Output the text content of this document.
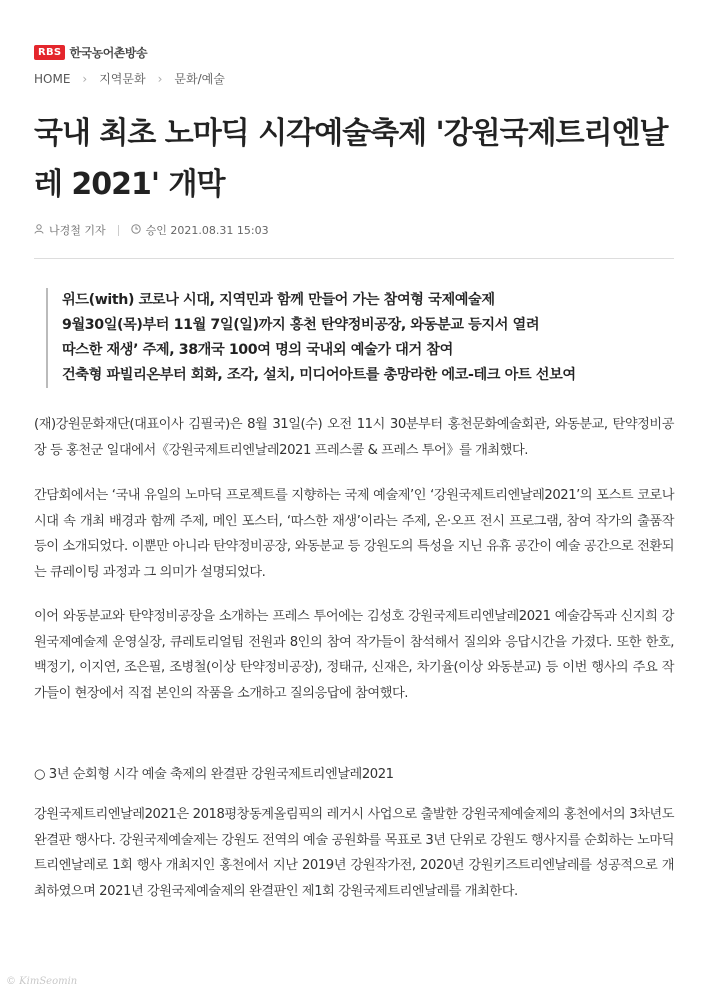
RBS 한국농어촌방송
HOME › 지역문화 › 문화/예술
국내 최초 노마딕 시각예술축제 '강원국제트리엔날레 2021' 개막
나경철 기자	승인 2021.08.31 15:03

위드(with) 코로나 시대, 지역민과 함께 만들어 가는 참여형 국제예술제

9월30일(목)부터 11월 7일(일)까지 홍천 탄약정비공장, 와동분교 등지서 열려

따스한 재생’ 주제, 38개국 100여 명의 국내외 예술가 대거 참여

건축형 파빌리온부터 회화, 조각, 설치, 미디어아트를 총망라한 에코-테크 아트 선보여

(재)강원문화재단(대표이사 김필국)은 8월 31일(수) 오전 11시 30분부터 홍천문화예술회관, 와동분교, 탄약정비공장 등 홍천군 일대에서《강원국제트리엔날레2021 프레스콜 & 프레스 투어》를 개최했다.

간담회에서는 ‘국내 유일의 노마딕 프로젝트를 지향하는 국제 예술제’인 ‘강원국제트리엔날레2021’의 포스트 코로나 시대 속 개최 배경과 함께 주제, 메인 포스터, ‘따스한 재생’이라는 주제, 온·오프 전시 프로그램, 참여 작가의 출품작 등이 소개되었다. 이뿐만 아니라 탄약정비공장, 와동분교 등 강원도의 특성을 지닌 유휴 공간이 예술 공간으로 전환되는 큐레이팅 과정과 그 의미가 설명되었다.

이어 와동분교와 탄약정비공장을 소개하는 프레스 투어에는 김성호 강원국제트리엔날레2021 예술감독과 신지희 강원국제예술제 운영실장, 큐레토리얼팀 전원과 8인의 참여 작가들이 참석해서 질의와 응답시간을 가졌다. 또한 한호, 백정기, 이지연, 조은필, 조병철(이상 탄약정비공장), 정태규, 신재은, 차기율(이상 와동분교) 등 이번 행사의 주요 작가들이 현장에서 직접 본인의 작품을 소개하고 질의응답에 참여했다.

○ 3년 순회형 시각 예술 축제의 완결판 강원국제트리엔날레2021

강원국제트리엔날레2021은 2018평창동계올림픽의 레거시 사업으로 출발한 강원국제예술제의 홍천에서의 3차년도 완결판 행사다. 강원국제예술제는 강원도 전역의 예술 공원화를 목표로 3년 단위로 강원도 행사지를 순회하는 노마딕 트리엔날레로 1회 행사 개최지인 홍천에서 지난 2019년 강원작가전, 2020년 강원키즈트리엔날레를 성공적으로 개최하였으며 2021년 강원국제예술제의 완결판인 제1회 강원국제트리엔날레를 개최한다.

© KimSeomin
